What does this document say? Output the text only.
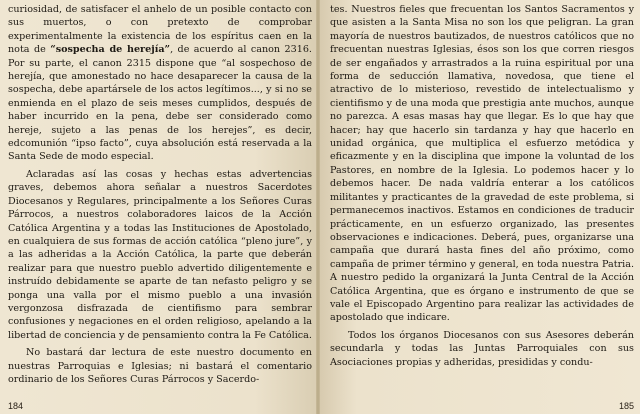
curiosidad, de satisfacer el anhelo de un posible contacto con sus muertos, o con pretexto de comprobar experimentalmente la existencia de los espíritus caen en la nota de “sospecha de herejía”, de acuerdo al canon 2316. Por su parte, el canon 2315 dispone que “al sospechoso de herejía, que amonestado no hace desaparecer la causa de la sospecha, debe apartársele de los actos legítimos..., y si no se enmienda en el plazo de seis meses cumplidos, después de haber incurrido en la pena, debe ser considerado como hereje, sujeto a las penas de los herejes”, es decir, edcomunión “ipso facto”, cuya absolución está reservada a la Santa Sede de modo especial.

Aclaradas así las cosas y hechas estas advertencias graves, debemos ahora señalar a nuestros Sacerdotes Diocesanos y Regulares, principalmente a los Señores Curas Párrocos, a nuestros colaboradores laicos de la Acción Católica Argentina y a todas las Instituciones de Apostolado, en cualquiera de sus formas de acción católica “pleno jure”, y a las adheridas a la Acción Católica, la parte que deberán realizar para que nuestro pueblo advertido diligentemente e instruído debidamente se aparte de tan nefasto peligro y se ponga una valla por el mismo pueblo a una invasión vergonzosa disfrazada de cientifismo para sembrar confusiones y negaciones en el orden religioso, apelando a la libertad de conciencia y de pensamiento contra la Fe Católica.

No bastará dar lectura de este nuestro documento en nuestras Parroquias e Iglesias; ni bastará el comentario ordinario de los Señores Curas Párrocos y Sacerdo-

184

tes. Nuestros fieles que frecuentan los Santos Sacramentos y que asisten a la Santa Misa no son los que peligran. La gran mayoría de nuestros bautizados, de nuestros católicos que no frecuentan nuestras Iglesias, ésos son los que corren riesgos de ser engañados y arrastrados a la ruina espiritual por una forma de seducción llamativa, novedosa, que tiene el atractivo de lo misterioso, revestido de intelectualismo y cientifismo y de una moda que prestigia ante muchos, aunque no parezca. A esas masas hay que llegar. Es lo que hay que hacer; hay que hacerlo sin tardanza y hay que hacerlo en unidad orgánica, que multiplica el esfuerzo metódica y eficazmente y en la disciplina que impone la voluntad de los Pastores, en nombre de la Iglesia. Lo podemos hacer y lo debemos hacer. De nada valdría enterar a los católicos militantes y practicantes de la gravedad de este problema, si permanecemos inactivos. Estamos en condiciones de traducir prácticamente, en un esfuerzo organizado, las presentes observaciones e indicaciones. Deberá, pues, organizarse una campaña que durará hasta fines del año próximo, como campaña de primer término y general, en toda nuestra Patria. A nuestro pedido la organizará la Junta Central de la Acción Católica Argentina, que es órgano e instrumento de que se vale el Episcopado Argentino para realizar las actividades de apostolado que indicare.

Todos los órganos Diocesanos con sus Asesores deberán secundarla y todas las Juntas Parroquiales con sus Asociaciones propias y adheridas, presididas y condu-

185
